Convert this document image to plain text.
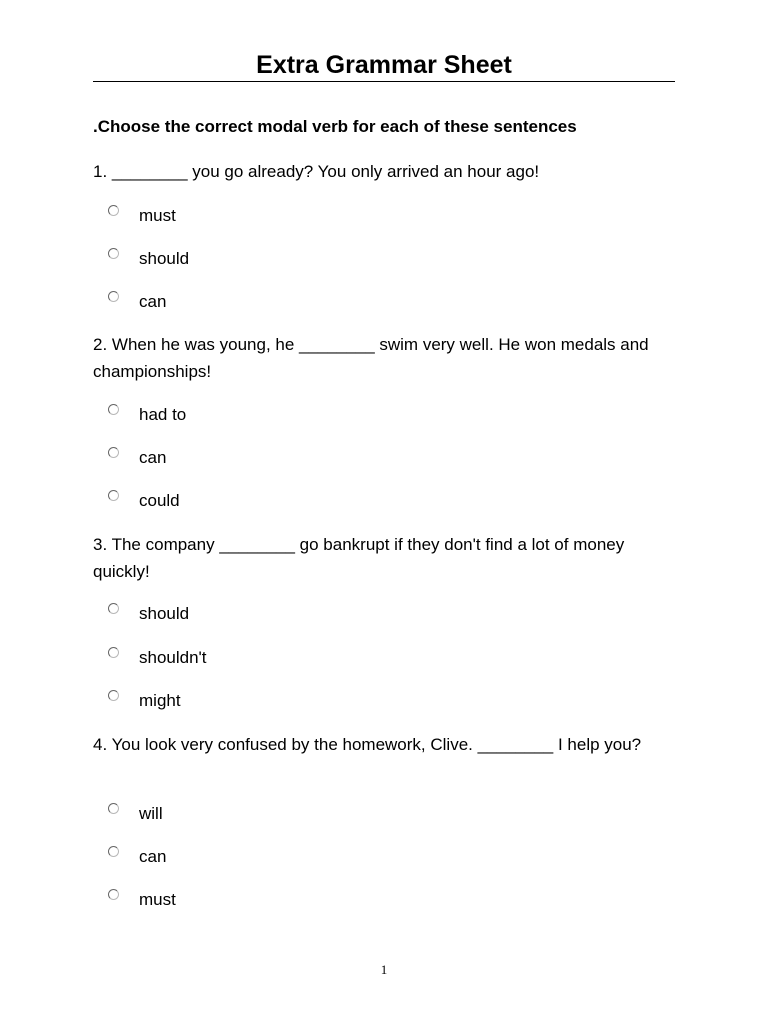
Extra Grammar Sheet
.Choose the correct modal verb for each of these sentences
1. ________ you go already? You only arrived an hour ago!
must
should
can
2. When he was young, he ________ swim very well. He won medals and championships!
had to
can
could
3. The company ________ go bankrupt if they don't find a lot of money quickly!
should
shouldn't
might
4. You look very confused by the homework, Clive. ________ I help you?
will
can
must
1
